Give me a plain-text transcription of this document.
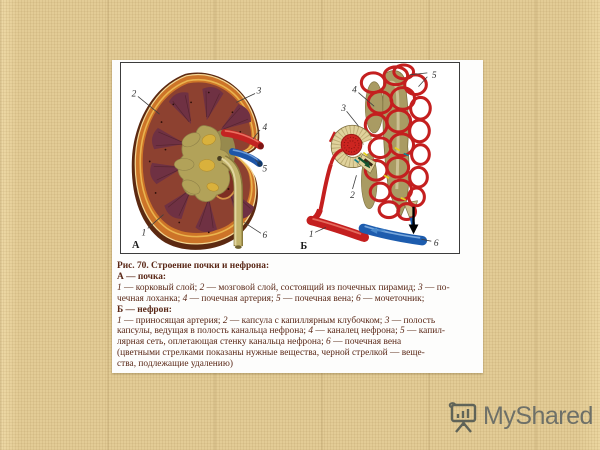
2	3
4
5
6
1
А
4
5
3
2
1
6
Б
Рис. 70. Строение почки и нефрона:
А — почка:
1 — корковый слой; 2 — мозговой слой, состоящий из почечных пирамид; 3 — по-
чечная лоханка; 4 — почечная артерия; 5 — почечная вена; 6 — мочеточник;
Б — нефрон:
1 — приносящая артерия; 2 — капсула с капиллярным клубочком; 3 — полость
капсулы, ведущая в полость канальца нефрона; 4 — каналец нефрона; 5 — капил-
лярная сеть, оплетающая стенку канальца нефрона; 6 — почечная вена
(цветными стрелками показаны нужные вещества, черной стрелкой — веще-
ства, подлежащие удалению)
MyShared
